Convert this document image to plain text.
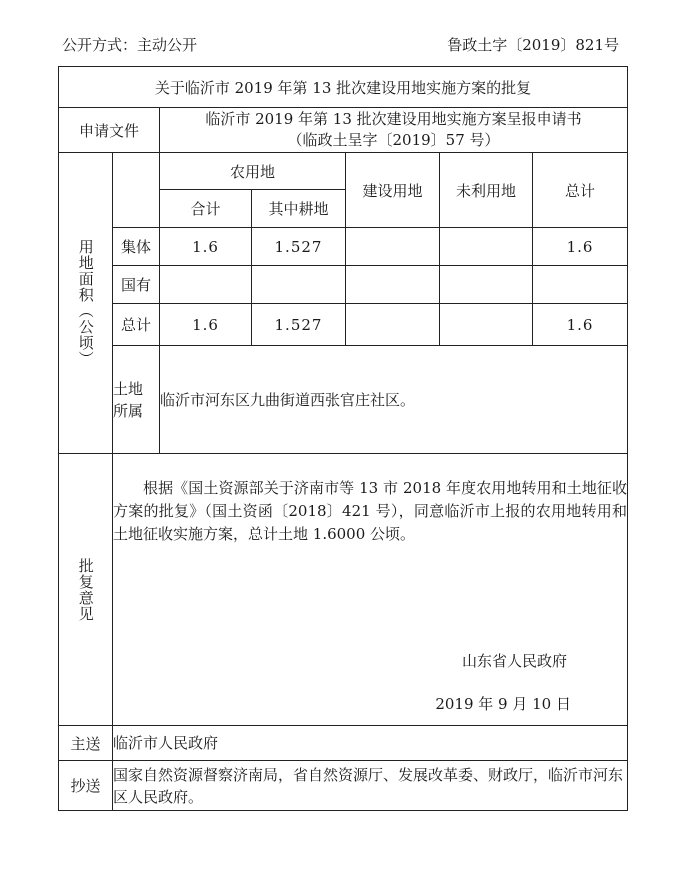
公开方式：主动公开	鲁政土字〔2019〕821号
关于临沂市 2019 年第 13 批次建设用地实施方案的批复						
申请文件		临沂市 2019 年第 13 批次建设用地实施方案呈报申请书
（临政土呈字〔2019〕57 号）				

用地面积（公顷）		农用地		建设用地	未利用地	总计
		合计	其中耕地			
	集体	1.6	1.527			1.6
	国有					
	总计	1.6	1.527			1.6

	土地
所属	临沂市河东区九曲街道西张官庄社区。				

批复意见	根据《国土资源部关于济南市等 13 市 2018 年度农用地转用和土地征收方案的批复》（国土资函〔2018〕421 号），同意临沂市上报的农用地转用和土地征收实施方案，总计土地 1.6000 公顷。
山东省人民政府
2019 年 9 月 10 日					

主送	临沂市人民政府					
抄送	国家自然资源督察济南局，省自然资源厅、发展改革委、财政厅，临沂市河东区人民政府。					
